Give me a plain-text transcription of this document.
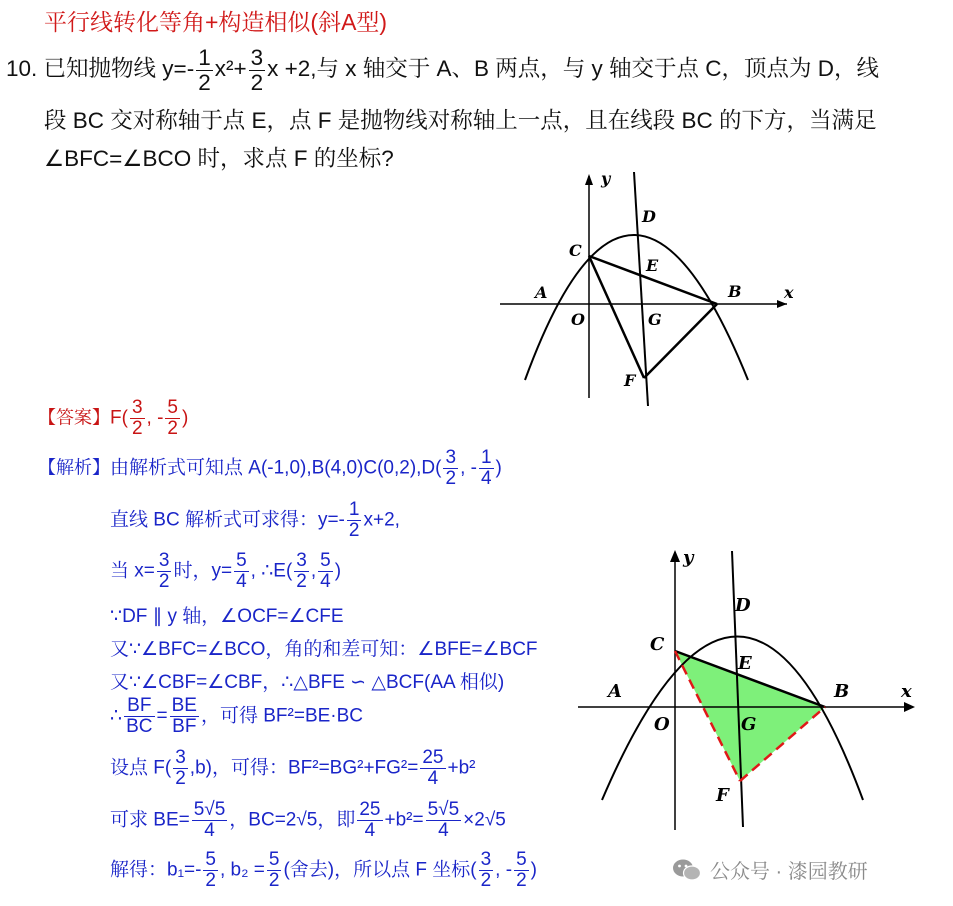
平行线转化等角+构造相似(斜A型)
10. 已知抛物线 $y=- \frac{1}{2} x^2+ \frac{3}{2}$ x +2,与 x 轴交于 A、B 两点，与 y 轴交于点 C，顶点为 D，线
段 BC 交对称轴于点 E，点 F 是抛物线对称轴上一点，且在线段 BC 的下方，当满足
∠BFC=∠BCO 时，求点 F 的坐标?
y
x
A	B
C
D
E
O	G
F
【答案】$F( \frac{3}{2}$ , - $\frac{5}{2}$ )
【解析】由解析式可知点 $A(-1,0),B(4,0)C(0,2),D( \frac{3}{2}$ , - $\frac{1}{4}$ )
直线 BC 解析式可求得：$y=- \frac{1}{2} x+2$,
当 $x= \frac{3}{2}$ 时，$y= \frac{5}{4}$ , ∴E( $\frac{3}{2}$ , $\frac{5}{4}$ )
∵DF ∥ y 轴，∠OCF=∠CFE
又∵∠BFC=∠BCO，角的和差可知：∠BFE=∠BCF
又∵∠CBF=∠CBF，∴△BFE ∽ △BCF(AA 相似)
∴ $\frac{BF}{BC} = \frac{BE}{BF}$ ，可得 BF²=BE·BC
设点 $F( \frac{3}{2} ,b)$，可得：$BF^2=BG^2+FG^2= \frac{25}{4} +b^2$
可求 $BE= \frac{5√5}{4}$ ，BC=2√5，即 $\frac{25}{4} +b^2= \frac{5√5}{4} \times 2√5$
解得：$b_1=- \frac{5}{2}$ , $b_2 = \frac{5}{2}$ (舍去)，所以点 F 坐标( $\frac{3}{2}$ , - $\frac{5}{2}$ )
y
x
A	B
C
D
E
O	G
F
公众号 · 漆园教研
